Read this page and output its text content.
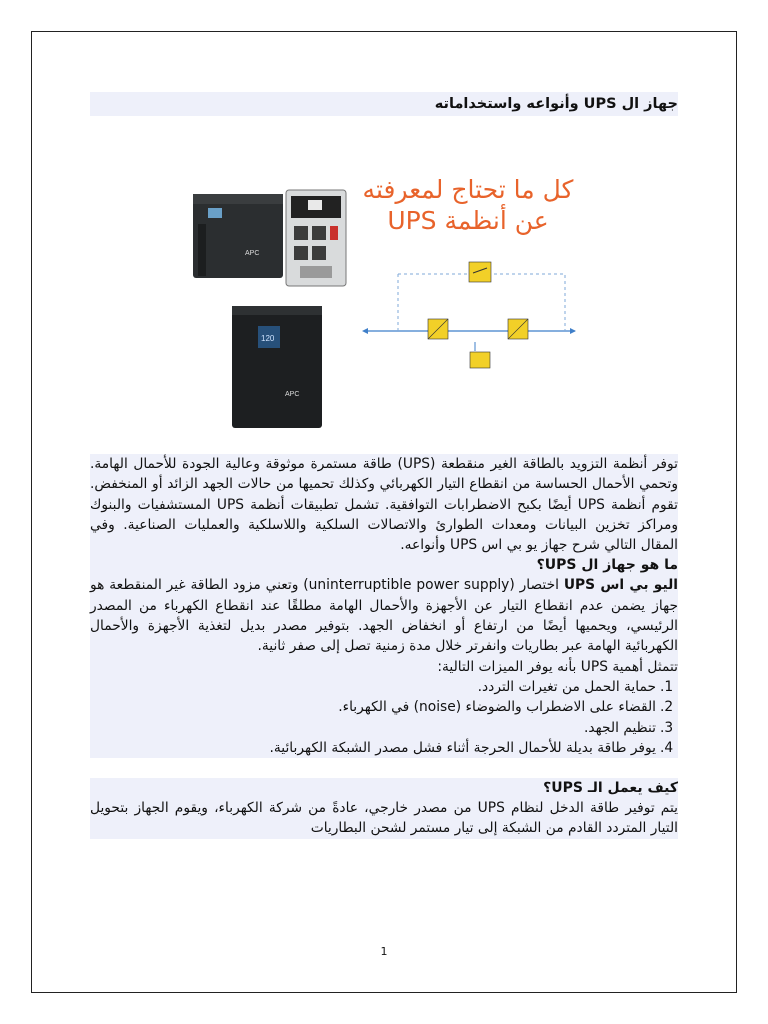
جهاز ال UPS وأنواعه واستخداماته
APC
كل ما تحتاج لمعرفته
عن أنظمة UPS
120
APC

توفر أنظمة التزويد بالطاقة الغير منقطعة (UPS) طاقة مستمرة موثوقة وعالية الجودة للأحمال الهامة. وتحمي الأحمال الحساسة من انقطاع التيار الكهربائي وكذلك تحميها من حالات الجهد الزائد أو المنخفض. تقوم أنظمة UPS أيضًا بكبح الاضطرابات التوافقية. تشمل تطبيقات أنظمة UPS المستشفيات والبنوك ومراكز تخزين البيانات ومعدات الطوارئ والاتصالات السلكية واللاسلكية والعمليات الصناعية. وفي المقال التالي شرح جهاز يو بي اس UPS وأنواعه.

ما هو جهاز ال UPS؟

اليو بي اس UPS اختصار (uninterruptible power supply) وتعني مزود الطاقة غير المنقطعة هو جهاز يضمن عدم انقطاع التيار عن الأجهزة والأحمال الهامة مطلقًا عند انقطاع الكهرباء من المصدر الرئيسي، ويحميها أيضًا من ارتفاع أو انخفاض الجهد. بتوفير مصدر بديل لتغذية الأجهزة والأحمال الكهربائية الهامة عبر بطاريات وانفرتر خلال مدة زمنية تصل إلى صفر ثانية.

تتمثل أهمية UPS بأنه يوفر الميزات التالية:

1.
حماية الحمل من تغيرات التردد.
2.
القضاء على الاضطراب والضوضاء (noise) في الكهرباء.
3.
تنظيم الجهد.
4.
يوفر طاقة بديلة للأحمال الحرجة أثناء فشل مصدر الشبكة الكهربائية.
كيف يعمل الـ UPS؟

يتم توفير طاقة الدخل لنظام UPS من مصدر خارجي، عادةً من شركة الكهرباء، ويقوم الجهاز بتحويل التيار المتردد القادم من الشبكة إلى تيار مستمر لشحن البطاريات

1
